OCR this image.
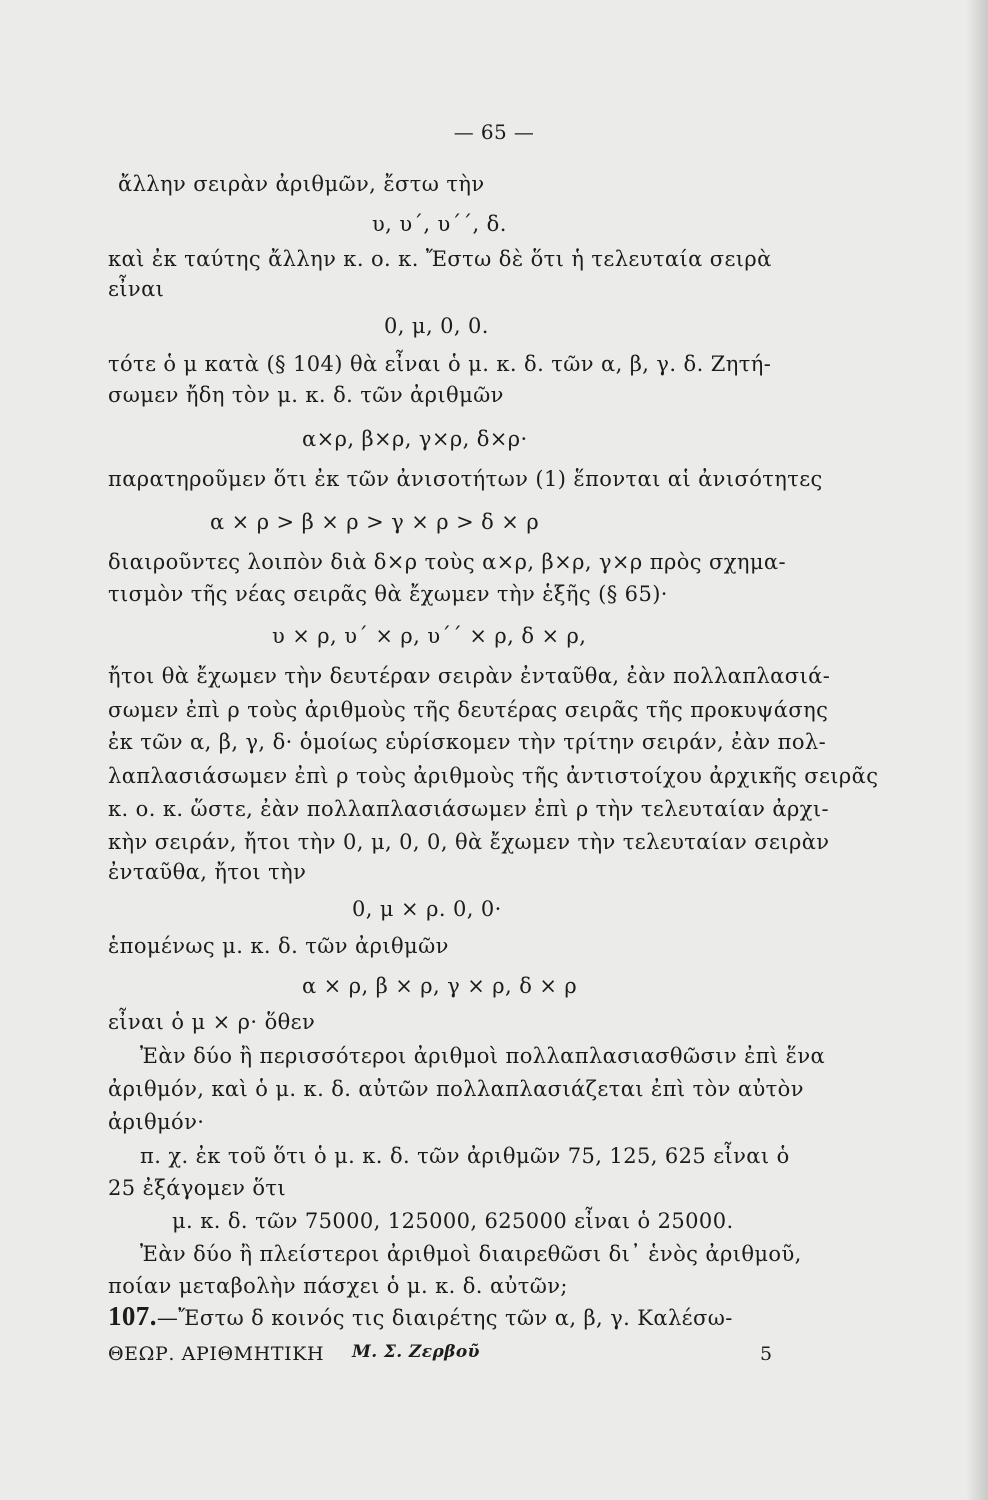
— 65 —
ἄλλην σειρὰν ἀριθμῶν, ἔστω τὴν
υ, υ΄, υ΄΄, δ.
καὶ ἐκ ταύτης ἄλλην κ. ο. κ. Ἔστω δὲ ὅτι ἡ τελευταία σειρὰ
εἶναι
0, μ, 0, 0.
τότε ὁ μ κατὰ (§ 104) θὰ εἶναι ὁ μ. κ. δ. τῶν α, β, γ. δ. Ζητή-
σωμεν ἤδη τὸν μ. κ. δ. τῶν ἀριθμῶν
α×ρ, β×ρ, γ×ρ, δ×ρ·
παρατηροῦμεν ὅτι ἐκ τῶν ἀνισοτήτων (1) ἕπονται αἱ ἀνισότητες
α × ρ > β × ρ > γ × ρ > δ × ρ
διαιροῦντες λοιπὸν διὰ δ×ρ τοὺς α×ρ, β×ρ, γ×ρ πρὸς σχημα-
τισμὸν τῆς νέας σειρᾶς θὰ ἔχωμεν τὴν ἑξῆς (§ 65)·
υ × ρ, υ΄ × ρ, υ΄΄ × ρ, δ × ρ,
ἤτοι θὰ ἔχωμεν τὴν δευτέραν σειρὰν ἐνταῦθα, ἐὰν πολλαπλασιά-
σωμεν ἐπὶ ρ τοὺς ἀριθμοὺς τῆς δευτέρας σειρᾶς τῆς προκυψάσης
ἐκ τῶν α, β, γ, δ· ὁμοίως εὑρίσκομεν τὴν τρίτην σειράν, ἐὰν πολ-
λαπλασιάσωμεν ἐπὶ ρ τοὺς ἀριθμοὺς τῆς ἀντιστοίχου ἀρχικῆς σειρᾶς
κ. ο. κ. ὥστε, ἐὰν πολλαπλασιάσωμεν ἐπὶ ρ τὴν τελευταίαν ἀρχι-
κὴν σειράν, ἤτοι τὴν 0, μ, 0, 0, θὰ ἔχωμεν τὴν τελευταίαν σειρὰν
ἐνταῦθα, ἤτοι τὴν
0, μ × ρ. 0, 0·
ἑπομένως μ. κ. δ. τῶν ἀριθμῶν
α × ρ, β × ρ, γ × ρ, δ × ρ
εἶναι ὁ μ × ρ· ὅθεν
Ἐὰν δύο ἢ περισσότεροι ἀριθμοὶ πολλαπλασιασθῶσιν ἐπὶ ἕνα
ἀριθμόν, καὶ ὁ μ. κ. δ. αὐτῶν πολλαπλασιάζεται ἐπὶ τὸν αὐτὸν
ἀριθμόν·
π. χ. ἐκ τοῦ ὅτι ὁ μ. κ. δ. τῶν ἀριθμῶν 75, 125, 625 εἶναι ὁ
25 ἐξάγομεν ὅτι
μ. κ. δ. τῶν 75000, 125000, 625000 εἶναι ὁ 25000.
Ἐὰν δύο ἢ πλείστεροι ἀριθμοὶ διαιρεθῶσι δι᾽ ἑνὸς ἀριθμοῦ,
ποίαν μεταβολὴν πάσχει ὁ μ. κ. δ. αὐτῶν;
107.—Ἔστω δ κοινός τις διαιρέτης τῶν α, β, γ. Καλέσω-
ΘΕΩΡ. ΑΡΙΘΜΗΤΙΚΗ Μ. Σ. Ζερβοῦ	5
